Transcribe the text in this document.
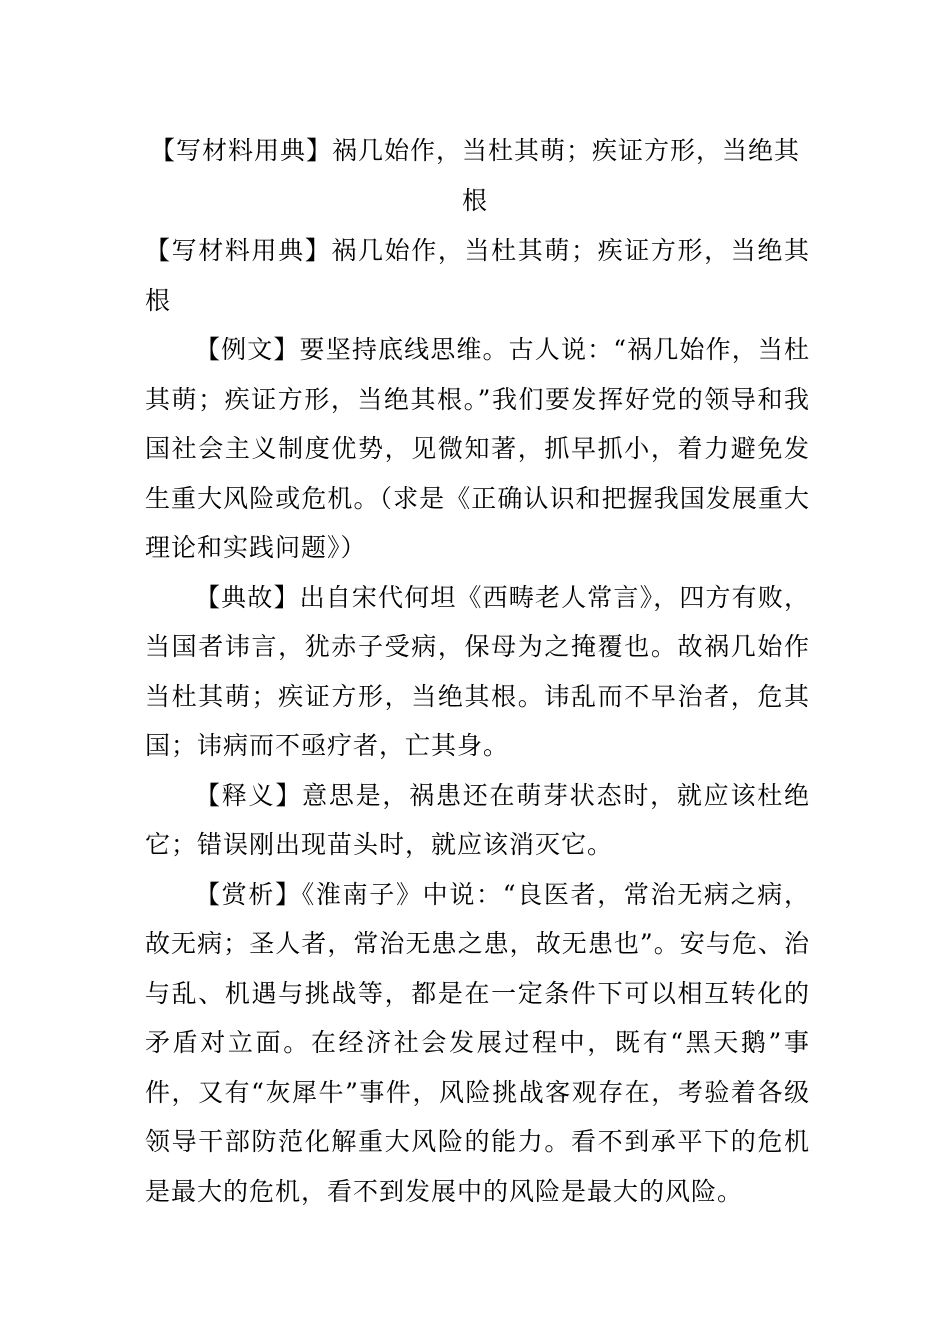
【写材料用典】祸几始作，当杜其萌；疾证方形，当绝其根

【写材料用典】祸几始作，当杜其萌；疾证方形，当绝其根

【例文】要坚持底线思维。古人说：“祸几始作，当杜其萌；疾证方形，当绝其根。”我们要发挥好党的领导和我国社会主义制度优势，见微知著，抓早抓小，着力避免发生重大风险或危机。（求是《正确认识和把握我国发展重大理论和实践问题》）

【典故】出自宋代何坦《西畴老人常言》，四方有败，当国者讳言，犹赤子受病，保母为之掩覆也。故祸几始作当杜其萌；疾证方形，当绝其根。讳乱而不早治者，危其国；讳病而不亟疗者，亡其身。

【释义】意思是，祸患还在萌芽状态时，就应该杜绝它；错误刚出现苗头时，就应该消灭它。

【赏析】《淮南子》中说：“良医者，常治无病之病，故无病；圣人者，常治无患之患，故无患也”。安与危、治与乱、机遇与挑战等，都是在一定条件下可以相互转化的矛盾对立面。在经济社会发展过程中，既有“黑天鹅”事件，又有“灰犀牛”事件，风险挑战客观存在，考验着各级领导干部防范化解重大风险的能力。看不到承平下的危机是最大的危机，看不到发展中的风险是最大的风险。
